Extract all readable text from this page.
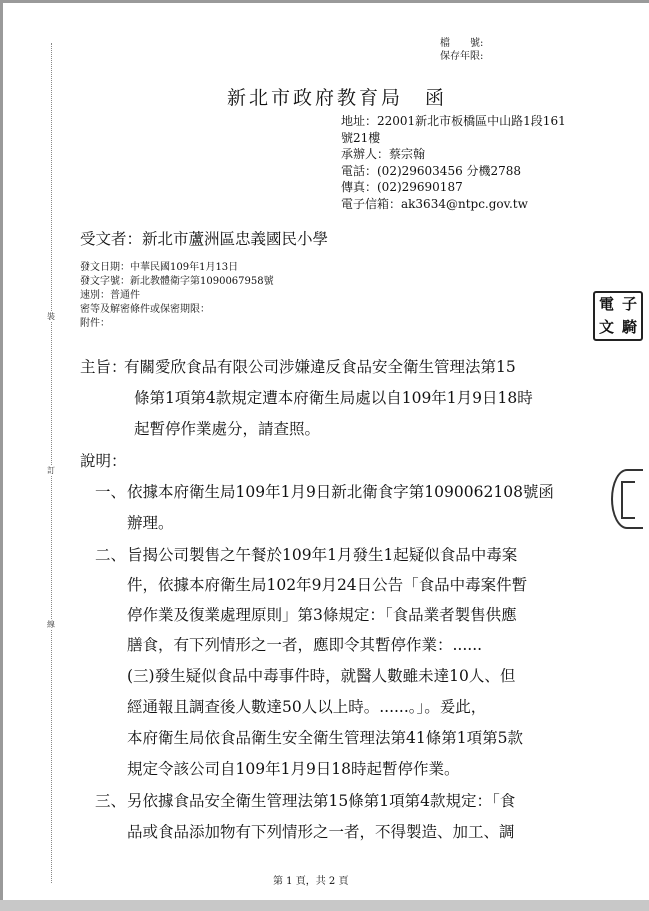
裝
訂
線
檔　　號:
保存年限:
新北市政府教育局　函
地址：22001新北市板橋區中山路1段161
號21樓
承辦人：蔡宗翰
電話：(02)29603456 分機2788
傳真：(02)29690187
電子信箱：ak3634@ntpc.gov.tw
受文者：新北市蘆洲區忠義國民小學
發文日期：中華民國109年1月13日
發文字號：新北教體衛字第1090067958號
速別：普通件
密等及解密條件或保密期限：
附件：
主旨：
有關愛欣食品有限公司涉嫌違反食品安全衛生管理法第15
條第1項第4款規定遭本府衛生局處以自109年1月9日18時
起暫停作業處分，請查照。
說明：
一、 依據本府衛生局109年1月9日新北衛食字第1090062108號函
辦理。
二、 旨揭公司製售之午餐於109年1月發生1起疑似食品中毒案
件，依據本府衛生局102年9月24日公告「食品中毒案件暫
停作業及復業處理原則」第3條規定：「食品業者製售供應
膳食，有下列情形之一者，應即令其暫停作業：......
(三)發生疑似食品中毒事件時，就醫人數雖未達10人、但
經通報且調查後人數達50人以上時。......。」。爰此，
本府衛生局依食品衛生安全衛生管理法第41條第1項第5款
規定令該公司自109年1月9日18時起暫停作業。
三、 另依據食品安全衛生管理法第15條第1項第4款規定：「食
品或食品添加物有下列情形之一者，不得製造、加工、調
第 1 頁，共 2 頁
電 子
文 騎
